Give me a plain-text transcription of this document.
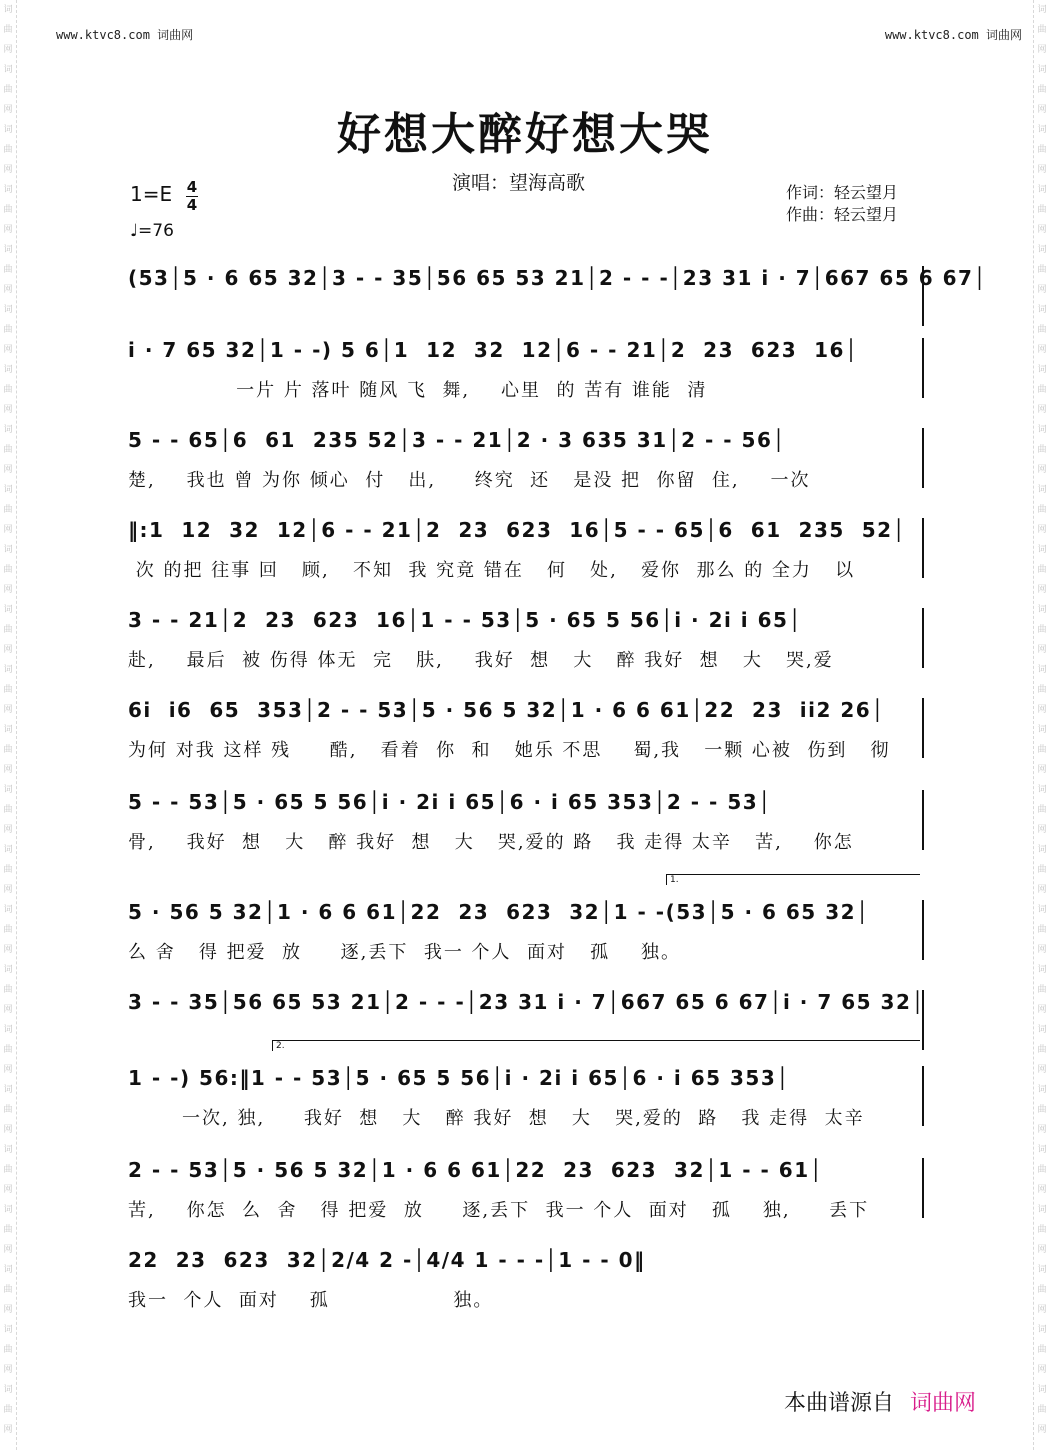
词
曲
网
词
曲
网
词
曲
网
词
曲
网
词
曲
网
词
曲
网
词
曲
网
词
曲
网
词
曲
网
词
曲
网
词
曲
网
词
曲
网
词
曲
网
词
曲
网
词
曲
网
词
曲
网
词
曲
网
词
曲
网
词
曲
网
词
曲
网
词
曲
网
词
曲
网
词
曲
网
词
曲
网
词
曲
网
词
曲
网
词
曲
网
词
曲
网
词
曲
网
词
曲
网
词
曲
网
词
曲
网
词
曲
网
词
曲
网
词
曲
网
词
曲
网
词
曲
网
词
曲
网
词
曲
网
词
曲
网
词
曲
网
词
曲
网
词
曲
网
词
曲
网
词
曲
网
词
曲
网
词
曲
网
词
曲
网
www.ktvc8.com 词曲网	www.ktvc8.com 词曲网
好想大醉好想大哭
演唱：望海高歌	作词：轻云望月
作曲：轻云望月
1=E 4
4
♩=76
(53│5 · 6 65 32│3 - - 35│56 65 53 21│2 - - -│23 31 i · 7│667 65 6 67│
i · 7 65 32│1 - -) 5 6│1  12  32  12│6 - - 21│2  23  623  16│
一片 片 落叶 随风 飞  舞,    心里  的 苦有 谁能  清
5 - - 65│6  61  235 52│3 - - 21│2 · 3 635 31│2 - - 56│
楚,    我也 曾 为你 倾心  付   出,     终究  还   是没 把  你留  住,    一次
‖:1  12  32  12│6 - - 21│2  23  623  16│5 - - 65│6  61  235  52│
次 的把 往事 回   顾,   不知  我 究竟 错在   何   处,   爱你  那么 的 全力   以
3 - - 21│2  23  623  16│1 - - 53│5 · 65 5 56│i · 2i i 65│
赴,    最后  被 伤得 体无  完   肤,    我好  想   大   醉 我好  想   大   哭,爱
6i  i6  65  353│2 - - 53│5 · 56 5 32│1 · 6 6 61│22  23  ii2 26│
为何 对我 这样 残     酷,   看着  你  和   她乐 不思    蜀,我   一颗 心被  伤到   彻
5 - - 53│5 · 65 5 56│i · 2i i 65│6 · i 65 353│2 - - 53│
骨,    我好  想   大   醉 我好  想   大   哭,爱的 路   我 走得 太辛   苦,    你怎
5 · 56 5 32│1 · 6 6 61│22  23  623  32│1 - -(53│5 · 6 65 32│
么 舍   得 把爱  放     逐,丢下  我一 个人  面对   孤    独。
3 - - 35│56 65 53 21│2 - - -│23 31 i · 7│667 65 6 67│i · 7 65 32│
1 - -) 56:‖1 - - 53│5 · 65 5 56│i · 2i i 65│6 · i 65 353│
一次, 独,     我好  想   大   醉 我好  想   大   哭,爱的  路   我 走得  太辛
2 - - 53│5 · 56 5 32│1 · 6 6 61│22  23  623  32│1 - - 61│
苦,    你怎  么  舍   得 把爱  放     逐,丢下  我一 个人  面对   孤    独,     丢下
22  23  623  32│2/4 2 -│4/4 1 - - -│1 - - 0‖
我一  个人  面对    孤                独。
1.
2.
本曲谱源自 词曲网
